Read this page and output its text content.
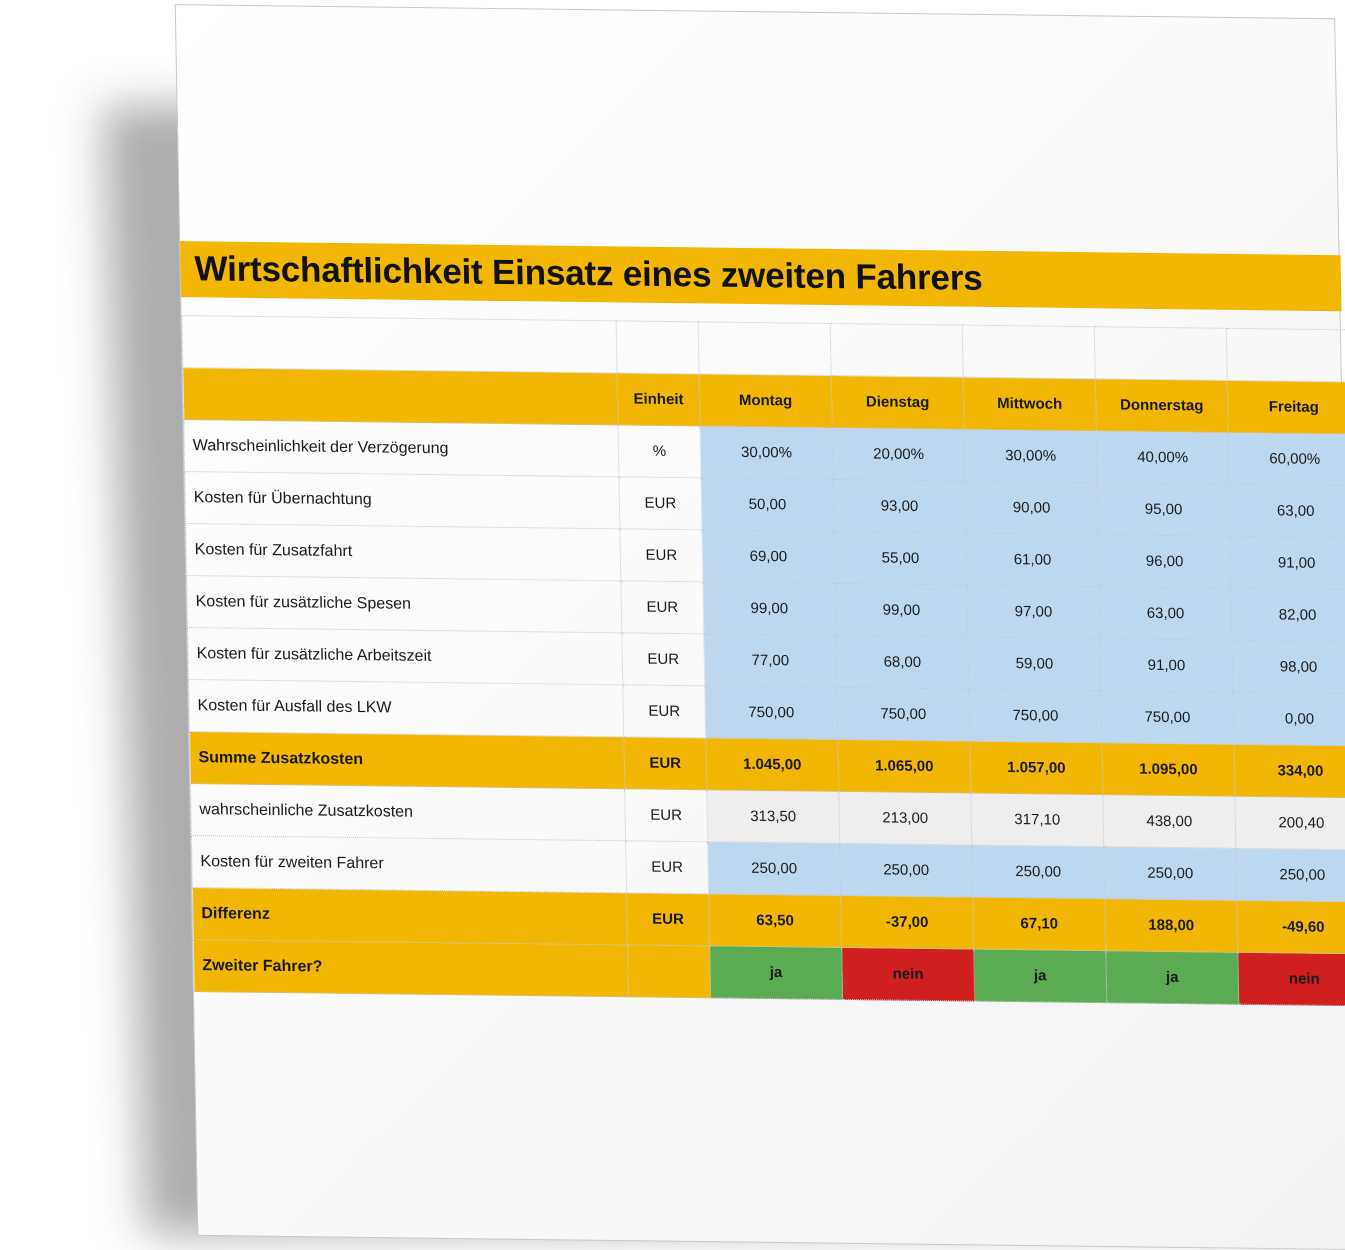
Wirtschaftlichkeit Einsatz eines zweiten Fahrers

	Einheit	Montag	Dienstag	Mittwoch	Donnerstag	Freitag
Wahrscheinlichkeit der Verzögerung	%	30,00%	20,00%	30,00%	40,00%	60,00%
Kosten für Übernachtung	EUR	50,00	93,00	90,00	95,00	63,00
Kosten für Zusatzfahrt	EUR	69,00	55,00	61,00	96,00	91,00
Kosten für zusätzliche Spesen	EUR	99,00	99,00	97,00	63,00	82,00
Kosten für zusätzliche Arbeitszeit	EUR	77,00	68,00	59,00	91,00	98,00
Kosten für Ausfall des LKW	EUR	750,00	750,00	750,00	750,00	0,00
Summe Zusatzkosten	EUR	1.045,00	1.065,00	1.057,00	1.095,00	334,00
wahrscheinliche Zusatzkosten	EUR	313,50	213,00	317,10	438,00	200,40
Kosten für zweiten Fahrer	EUR	250,00	250,00	250,00	250,00	250,00
Differenz	EUR	63,50	-37,00	67,10	188,00	-49,60
Zweiter Fahrer?		ja	nein	ja	ja	nein
